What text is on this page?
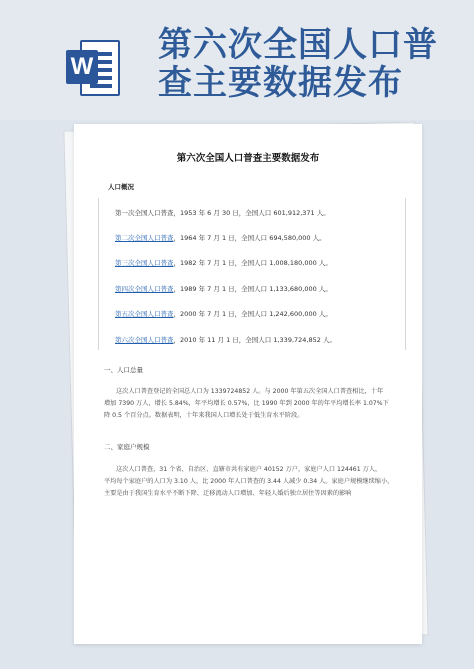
W
第六次全国人口普
查主要数据发布
第六次全国人口普查主要数据发布
人口概况
第一次全国人口普查，1953 年 6 月 30 日，全国人口 601,912,371 人。
第二次全国人口普查，1964 年 7 月 1 日，全国人口 694,580,000 人。
第三次全国人口普查，1982 年 7 月 1 日，全国人口 1,008,180,000 人。
第四次全国人口普查，1989 年 7 月 1 日，全国人口 1,133,680,000 人。
第五次全国人口普查，2000 年 7 月 1 日，全国人口 1,242,600,000 人。
第六次全国人口普查，2010 年 11 月 1 日，全国人口 1,339,724,852 人。
一、人口总量
这次人口普查登记的全国总人口为 1339724852 人。与 2000 年第五次全国人口普查相比，十年
增加 7390 万人，增长 5.84%，年平均增长 0.57%，比 1990 年到 2000 年的年平均增长率 1.07%下
降 0.5 个百分点。数据表明，十年来我国人口增长处于低生育水平阶段。
二、家庭户规模
这次人口普查，31 个省、自治区、直辖市共有家庭户 40152 万户，家庭户人口 124461 万人，
平均每个家庭户的人口为 3.10 人，比 2000 年人口普查的 3.44 人减少 0.34 人。家庭户规模继续缩小，
主要是由于我国生育水平不断下降、迁移流动人口增加、年轻人婚后独立居住等因素的影响
